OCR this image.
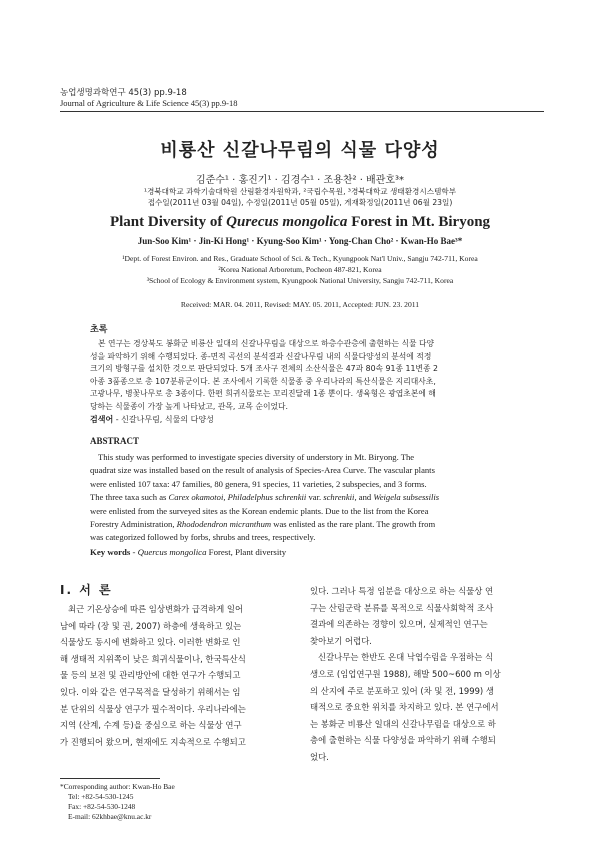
농업생명과학연구 45(3) pp.9-18
Journal of Agriculture & Life Science 45(3) pp.9-18
비룡산 신갈나무림의 식물 다양성
김준수¹ · 홍진기¹ · 김경수¹ · 조용찬² · 배관호³*
¹경북대학교 과학기술대학원 산림환경자원학과, ²국립수목원, ³경북대학교 생태환경시스템학부
접수일(2011년 03월 04일), 수정일(2011년 05월 05일), 게재확정일(2011년 06월 23일)
Plant Diversity of Qurecus mongolica Forest in Mt. Biryong
Jun-Soo Kim¹ · Jin-Ki Hong¹ · Kyung-Soo Kim¹ · Yong-Chan Cho² · Kwan-Ho Bae³*
¹Dept. of Forest Environ. and Res., Graduate School of Sci. & Tech., Kyungpook Nat'l Univ., Sangju 742-711, Korea
²Korea National Arboretum, Pocheon 487-821, Korea
³School of Ecology & Environment system, Kyungpook National University, Sangju 742-711, Korea
Received: MAR. 04. 2011, Revised: MAY. 05. 2011, Accepted: JUN. 23. 2011
초록
본 연구는 경상북도 봉화군 비룡산 일대의 신갈나무림을 대상으로 하층수관층에 출현하는 식물 다양
성을 파악하기 위해 수행되었다. 종-면적 곡선의 분석결과 신갈나무림 내의 식물다양성의 분석에 적정
크기의 방형구를 설치한 것으로 판단되었다. 5개 조사구 전체의 소산식물은 47과 80속 91종 11변종 2
아종 3품종으로 총 107분류군이다. 본 조사에서 기록한 식물종 중 우리나라의 특산식물은 지리대사초,
고광나무, 병꽃나무로 총 3종이다. 한편 희귀식물로는 꼬리진달래 1종 뿐이다. 생육형은 광엽초본에 해
당하는 식물종이 가장 높게 나타났고, 관목, 교목 순이었다.
검색어 - 신갈나무림, 식물의 다양성
ABSTRACT
This study was performed to investigate species diversity of understory in Mt. Biryong. The
quadrat size was installed based on the result of analysis of Species-Area Curve. The vascular plants
were enlisted 107 taxa: 47 families, 80 genera, 91 species, 11 varieties, 2 subspecies, and 3 forms.
The three taxa such as Carex okamotoi, Philadelphus schrenkii var. schrenkii, and Weigela subsessilis
were enlisted from the surveyed sites as the Korean endemic plants. Due to the list from the Korea
Forestry Administration, Rhododendron micranthum was enlisted as the rare plant. The growth from
was categorized followed by forbs, shrubs and trees, respectively.
Key words - Quercus mongolica Forest, Plant diversity
Ⅰ. 서 론
최근 기온상승에 따른 임상변화가 급격하게 일어
남에 따라 (장 및 권, 2007) 하층에 생육하고 있는
식물상도 동시에 변화하고 있다. 이러한 변화로 인
해 생태적 지위쪽이 낮은 희귀식물이나, 한국특산식
물 등의 보전 및 관리방안에 대한 연구가 수행되고
있다. 이와 같은 연구목적을 달성하기 위해서는 임
분 단위의 식물상 연구가 필수적이다. 우리나라에는
지역 (산계, 수계 등)을 중심으로 하는 식물상 연구
가 진행되어 왔으며, 현재에도 지속적으로 수행되고
있다. 그러나 특정 임분을 대상으로 하는 식물상 연
구는 산림군락 분류를 목적으로 식물사회학적 조사
결과에 의존하는 경향이 있으며, 실제적인 연구는
찾아보기 어렵다.
신갈나무는 한반도 온대 낙엽수림을 우점하는 식
생으로 (임업연구원 1988), 해발 500~600 m 이상
의 산지에 주로 분포하고 있어 (차 및 전, 1999) 생
태적으로 중요한 위치를 차지하고 있다. 본 연구에서
는 봉화군 비룡산 일대의 신갈나무림을 대상으로 하
층에 출현하는 식물 다양성을 파악하기 위해 수행되
었다.
*Corresponding author: Kwan-Ho Bae
Tel: +82-54-530-1245
Fax: +82-54-530-1248
E-mail: 62khbae@knu.ac.kr
